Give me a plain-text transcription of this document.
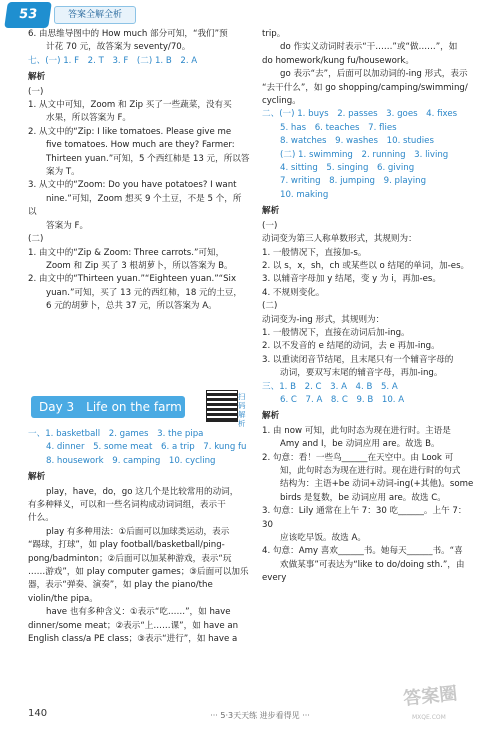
53	答案全解全析

6. 由思维导图中的 How much 部分可知，“我们”预

计花 70 元，故答案为 seventy/70。

七、(一) 1. F　2. T　3. F　(二) 1. B　2. A

解析

(一)

1. 从文中可知，Zoom 和 Zip 买了一些蔬菜，没有买

水果，所以答案为 F。

2. 从文中的“Zip: I like tomatoes. Please give me

five tomatoes. How much are they? Farmer:

Thirteen yuan.”可知，5 个西红柿是 13 元，所以答

案为 T。

3. 从文中的“Zoom: Do you have potatoes? I want

nine.”可知，Zoom 想买 9 个土豆，不是 5 个，所以

答案为 F。

(二)

1. 由文中的“Zip & Zoom: Three carrots.”可知，

Zoom 和 Zip 买了 3 根胡萝卜，所以答案为 B。

2. 由文中的“Thirteen yuan.”“Eighteen yuan.”“Six

yuan.”可知，买了 13 元的西红柿，18 元的土豆，

6 元的胡萝卜，总共 37 元，所以答案为 A。

Day 3　Life on the farm
扫码解析

一、1. basketball　2. games　3. the pipa

4. dinner　5. some meat　6. a trip　7. kung fu

8. housework　9. camping　10. cycling

解析

play，have，do，go 这几个是比较常用的动词，

有多种释义，可以和一些名词构成动词词组，表示干

什么。

play 有多种用法：①后面可以加球类运动，表示

“踢球，打球”，如 play football/basketball/ping-

pong/badminton；②后面可以加某种游戏，表示“玩

……游戏”，如 play computer games；③后面可以加乐

器，表示“弹奏、演奏”，如 play the piano/the

violin/the pipa。

have 也有多种含义：①表示“吃……”，如 have

dinner/some meat；②表示“上……课”，如 have an

English class/a PE class；③表示“进行”，如 have a

trip。

do 作实义动词时表示“干……”或“做……”，如

do homework/kung fu/housework。

go 表示“去”，后面可以加动词的-ing 形式，表示

“去干什么”，如 go shopping/camping/swimming/

cycling。

二、(一) 1. buys　2. passes　3. goes　4. fixes

5. has　6. teaches　7. flies

8. watches　9. washes　10. studies

(二) 1. swimming　2. running　3. living

4. sitting　5. singing　6. giving

7. writing　8. jumping　9. playing

10. making

解析

(一)

动词变为第三人称单数形式，其规则为：

1. 一般情况下，直接加-s。

2. 以 s，x，sh，ch 或某些以 o 结尾的单词，加-es。

3. 以辅音字母加 y 结尾，变 y 为 i，再加-es。

4. 不规则变化。

(二)

动词变为-ing 形式，其规则为：

1. 一般情况下，直接在动词后加-ing。

2. 以不发音的 e 结尾的动词，去 e 再加-ing。

3. 以重读闭音节结尾，且末尾只有一个辅音字母的

动词，要双写末尾的辅音字母，再加-ing。

三、1. B　2. C　3. A　4. B　5. A

6. C　7. A　8. C　9. B　10. A

解析

1. 由 now 可知，此句时态为现在进行时。主语是

Amy and I，be 动词应用 are。故选 B。

2. 句意：看！一些鸟______在天空中。由 Look 可

知，此句时态为现在进行时。现在进行时的句式

结构为：主语+be 动词+动词-ing(+其他)。some

birds 是复数，be 动词应用 are。故选 C。

3. 句意：Lily 通常在上午 7：30 吃______。上午 7：30

应该吃早饭。故选 A。

4. 句意：Amy 喜欢______书。她每天______书。“喜

欢做某事”可表达为“like to do/doing sth.”，由 every

140	··· 5·3天天练 进步看得见 ···
答案圈
MXQE.COM
